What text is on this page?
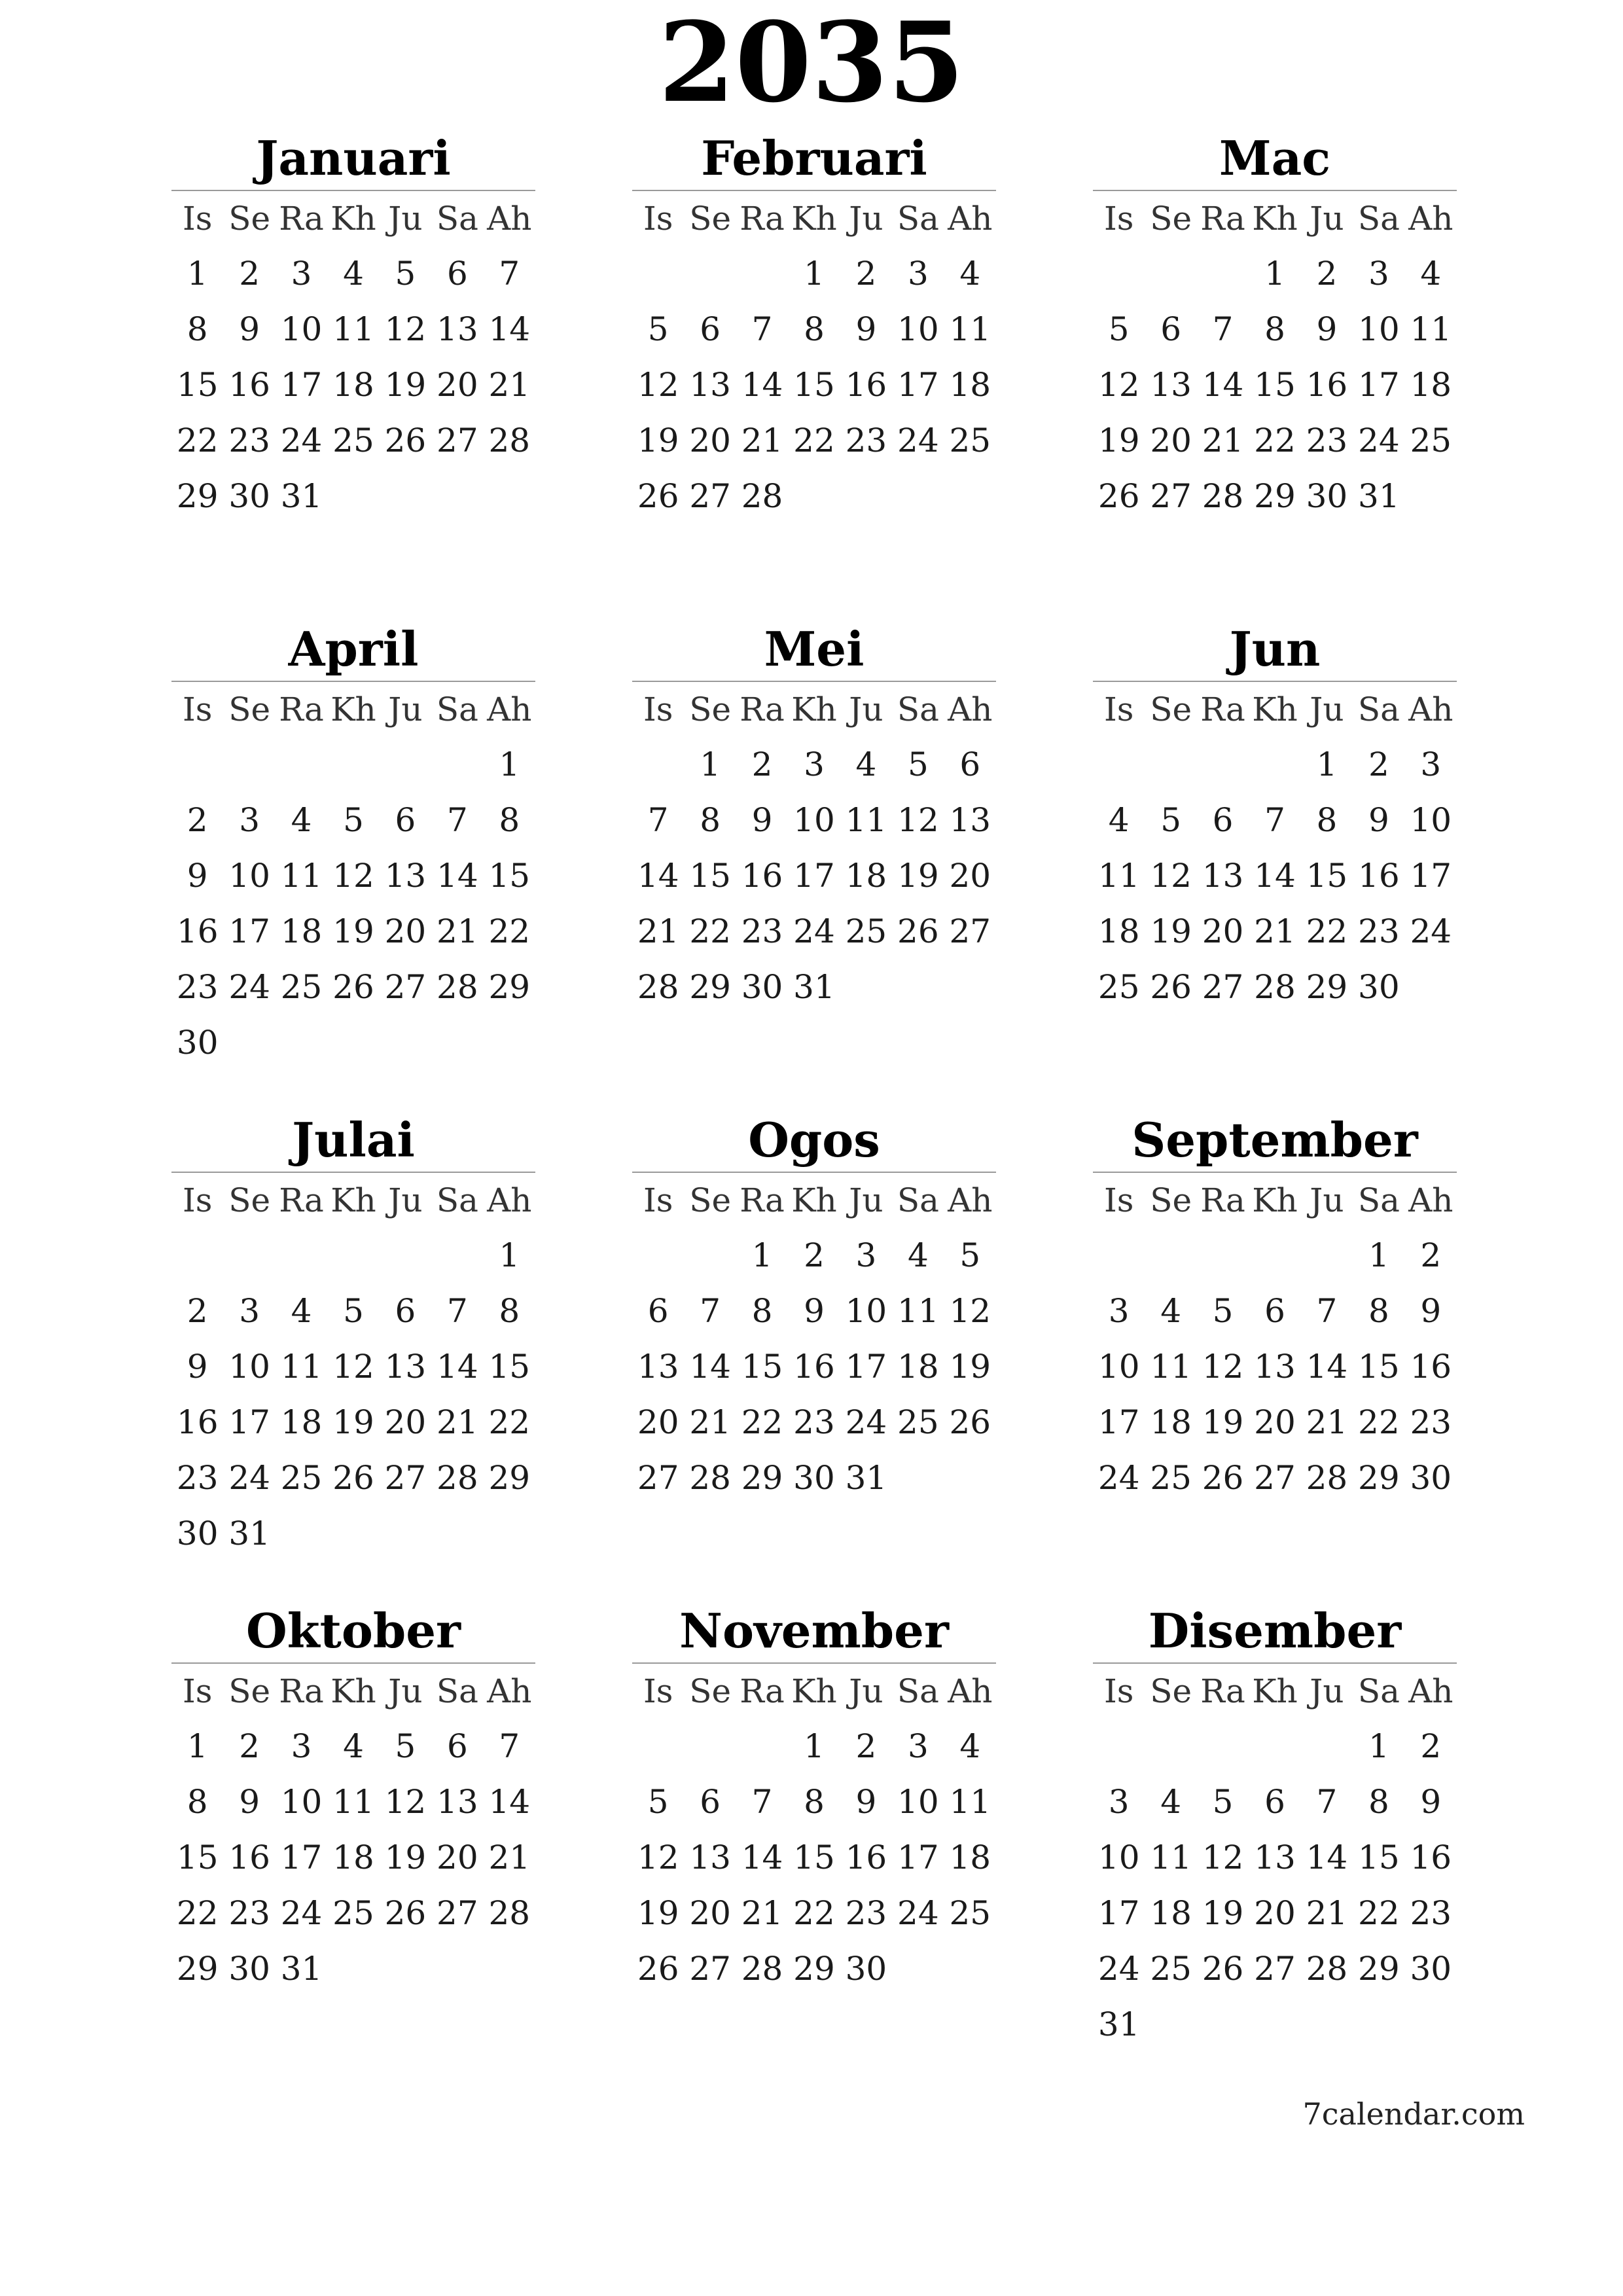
2035
Januari
Is Se Ra Kh Ju Sa Ah
1 2 3 4 5 6 7
8 9 10 11 12 13 14
15 16 17 18 19 20 21
22 23 24 25 26 27 28
29 30 31
Februari
Is Se Ra Kh Ju Sa Ah
1 2 3 4
5 6 7 8 9 10 11
12 13 14 15 16 17 18
19 20 21 22 23 24 25
26 27 28
Mac
Is Se Ra Kh Ju Sa Ah
1 2 3 4
5 6 7 8 9 10 11
12 13 14 15 16 17 18
19 20 21 22 23 24 25
26 27 28 29 30 31
April
Is Se Ra Kh Ju Sa Ah
1
2 3 4 5 6 7 8
9 10 11 12 13 14 15
16 17 18 19 20 21 22
23 24 25 26 27 28 29
30
Mei
Is Se Ra Kh Ju Sa Ah
1 2 3 4 5 6
7 8 9 10 11 12 13
14 15 16 17 18 19 20
21 22 23 24 25 26 27
28 29 30 31
Jun
Is Se Ra Kh Ju Sa Ah
1 2 3
4 5 6 7 8 9 10
11 12 13 14 15 16 17
18 19 20 21 22 23 24
25 26 27 28 29 30
Julai
Is Se Ra Kh Ju Sa Ah
1
2 3 4 5 6 7 8
9 10 11 12 13 14 15
16 17 18 19 20 21 22
23 24 25 26 27 28 29
30 31
Ogos
Is Se Ra Kh Ju Sa Ah
1 2 3 4 5
6 7 8 9 10 11 12
13 14 15 16 17 18 19
20 21 22 23 24 25 26
27 28 29 30 31
September
Is Se Ra Kh Ju Sa Ah
1 2
3 4 5 6 7 8 9
10 11 12 13 14 15 16
17 18 19 20 21 22 23
24 25 26 27 28 29 30
Oktober
Is Se Ra Kh Ju Sa Ah
1 2 3 4 5 6 7
8 9 10 11 12 13 14
15 16 17 18 19 20 21
22 23 24 25 26 27 28
29 30 31
November
Is Se Ra Kh Ju Sa Ah
1 2 3 4
5 6 7 8 9 10 11
12 13 14 15 16 17 18
19 20 21 22 23 24 25
26 27 28 29 30
Disember
Is Se Ra Kh Ju Sa Ah
1 2
3 4 5 6 7 8 9
10 11 12 13 14 15 16
17 18 19 20 21 22 23
24 25 26 27 28 29 30
31
7calendar.com
